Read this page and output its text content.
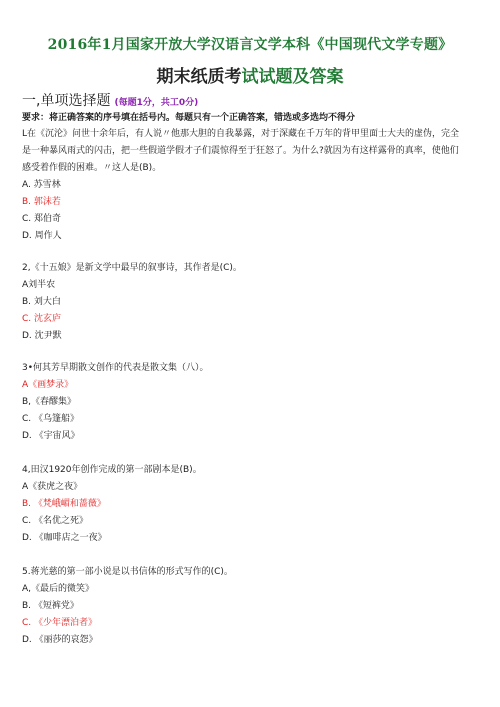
2016年1月国家开放大学汉语言文学本科《中国现代文学专题》
期末纸质考试试题及答案
一,单项选择题 (每题1分，共工0分)
要求：将正确答案的序号填在括号内。每题只有一个正确答案，错选或多选均不得分

L在《沉沦》问世十余年后，有人说〃他那大胆的自我暴露，对于深藏在千万年的背甲里面士大夫的虚伪，完全

是一种暴风雨式的闪击，把一些假道学假才子们震惊得至于狂怒了。为什么?就因为有这样露骨的真率，使他们

感受着作假的困难。〃这人是(B)。

A. 苏雪林

B. 郭沫若

C. 郑伯奇

D. 周作人

2,《十五娘》是新文学中最早的叙事诗，其作者是(C)。

A刘半农

B. 刘大白

C. 沈玄庐

D. 沈尹默

3•何其芳早期散文创作的代表是散文集（八）。

A《画梦录》

B,《春醪集》

C. 《乌篷船》

D. 《宇宙风》

4,田汉1920年创作完成的第一部剧本是(B)。

A《获虎之夜》

B. 《梵峨嵋和蔷薇》

C. 《名优之死》

D. 《咖啡店之一夜》

5.蒋光慈的第一部小说是以书信体的形式写作的(C)。

A,《最后的微笑》

B. 《短裤党》

C. 《少年漂泊者》

D. 《丽莎的哀怨》
